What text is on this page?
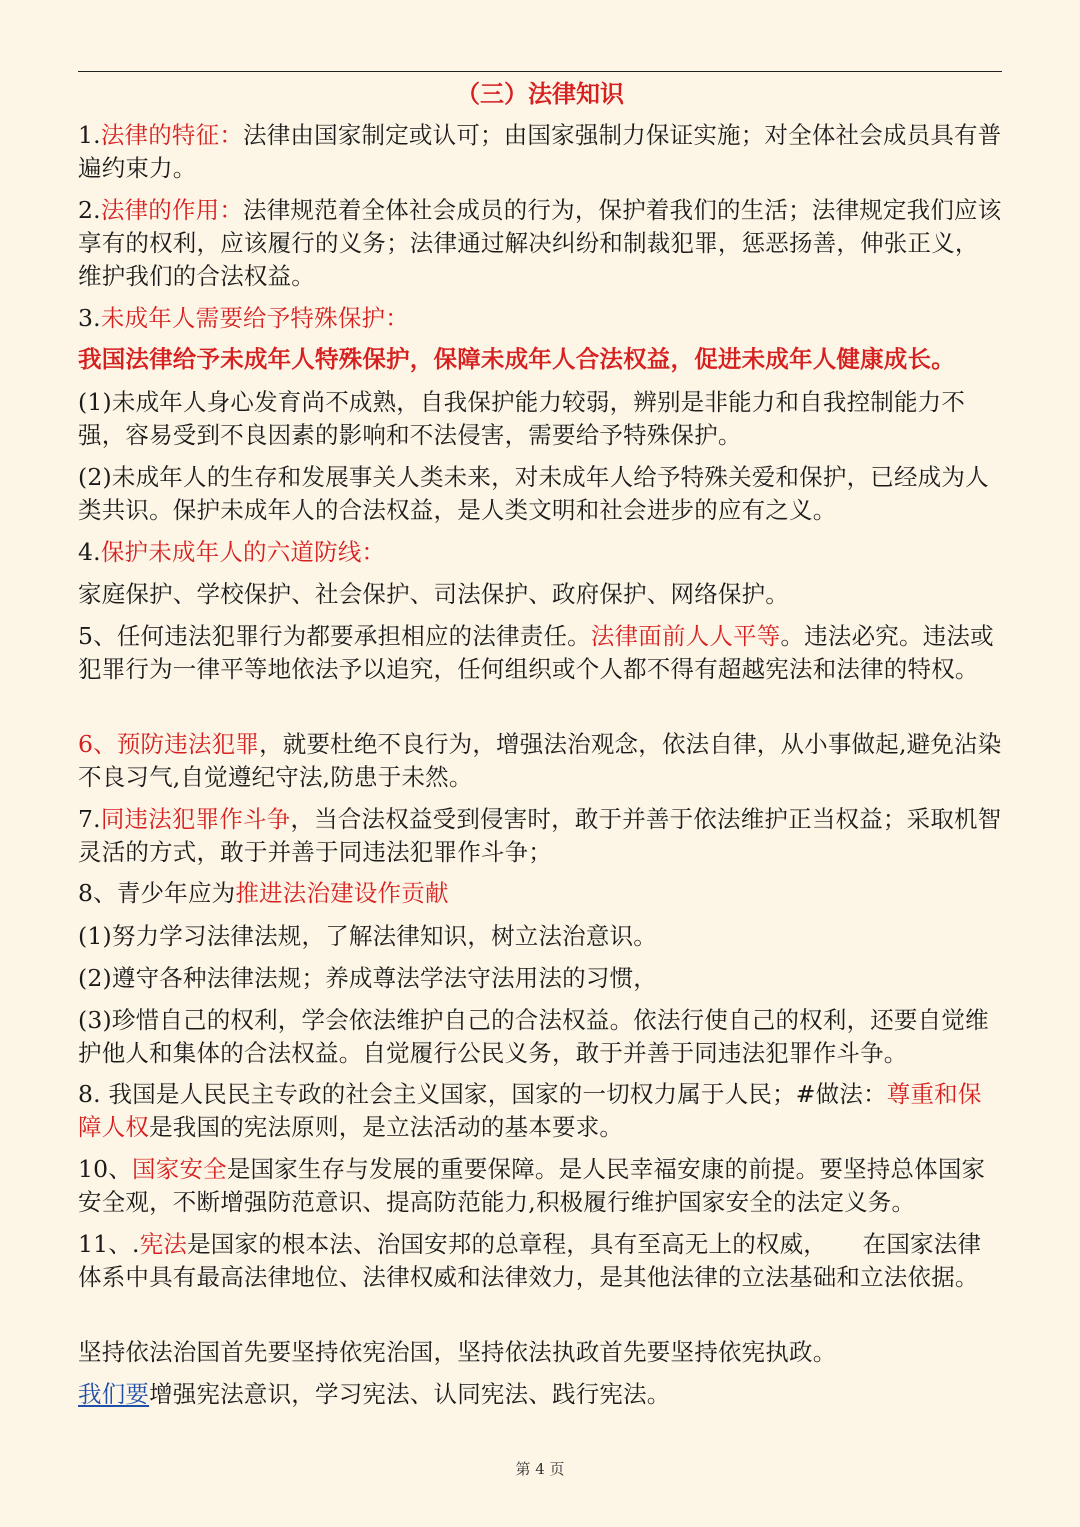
（三）法律知识
1.法律的特征：法律由国家制定或认可；由国家强制力保证实施；对全体社会成员具有普遍约束力。
2.法律的作用：法律规范着全体社会成员的行为，保护着我们的生活；法律规定我们应该享有的权利，应该履行的义务；法律通过解决纠纷和制裁犯罪，惩恶扬善，伸张正义，维护我们的合法权益。
3.未成年人需要给予特殊保护：
我国法律给予未成年人特殊保护，保障未成年人合法权益，促进未成年人健康成长。
(1)未成年人身心发育尚不成熟，自我保护能力较弱，辨别是非能力和自我控制能力不强，容易受到不良因素的影响和不法侵害，需要给予特殊保护。
(2)未成年人的生存和发展事关人类未来，对未成年人给予特殊关爱和保护，已经成为人类共识。保护未成年人的合法权益，是人类文明和社会进步的应有之义。
4.保护未成年人的六道防线：
家庭保护、学校保护、社会保护、司法保护、政府保护、网络保护。
5、任何违法犯罪行为都要承担相应的法律责任。法律面前人人平等。违法必究。违法或犯罪行为一律平等地依法予以追究，任何组织或个人都不得有超越宪法和法律的特权。
6、预防违法犯罪，就要杜绝不良行为，增强法治观念，依法自律，从小事做起,避免沾染不良习气,自觉遵纪守法,防患于未然。
7.同违法犯罪作斗争，当合法权益受到侵害时，敢于并善于依法维护正当权益；采取机智灵活的方式，敢于并善于同违法犯罪作斗争；
8、青少年应为推进法治建设作贡献
(1)努力学习法律法规，了解法律知识，树立法治意识。
(2)遵守各种法律法规；养成尊法学法守法用法的习惯，
(3)珍惜自己的权利，学会依法维护自己的合法权益。依法行使自己的权利，还要自觉维护他人和集体的合法权益。自觉履行公民义务，敢于并善于同违法犯罪作斗争。
8. 我国是人民民主专政的社会主义国家，国家的一切权力属于人民；#做法：尊重和保障人权是我国的宪法原则，是立法活动的基本要求。
10、国家安全是国家生存与发展的重要保障。是人民幸福安康的前提。要坚持总体国家安全观，不断增强防范意识、提高防范能力,积极履行维护国家安全的法定义务。
11、.宪法是国家的根本法、治国安邦的总章程，具有至高无上的权威，　　在国家法律体系中具有最高法律地位、法律权威和法律效力，是其他法律的立法基础和立法依据。
坚持依法治国首先要坚持依宪治国，坚持依法执政首先要坚持依宪执政。
我们要增强宪法意识，学习宪法、认同宪法、践行宪法。
第 4 页
